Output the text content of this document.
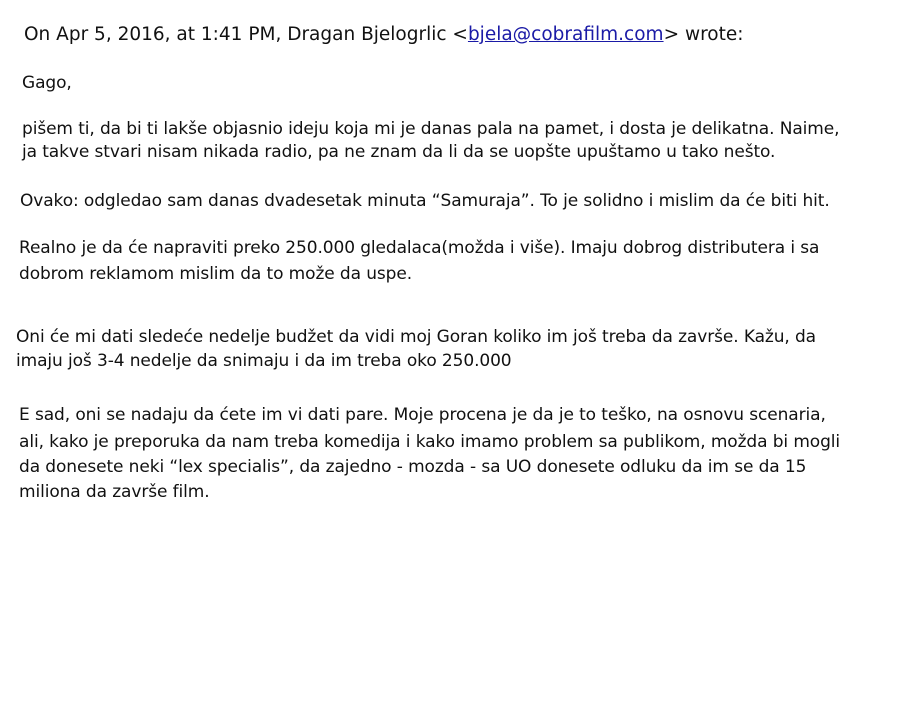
On Apr 5, 2016, at 1:41 PM, Dragan Bjelogrlic <bjela@cobrafilm.com> wrote:
Gago,
pišem ti, da bi ti lakše objasnio ideju koja mi je danas pala na pamet, i dosta je delikatna. Naime,
ja takve stvari nisam nikada radio, pa ne znam da li da se uopšte upuštamo u tako nešto.
Ovako: odgledao sam danas dvadesetak minuta “Samuraja”. To je solidno i mislim da će biti hit.
Realno je da će napraviti preko 250.000 gledalaca(možda i više). Imaju dobrog distributera i sa
dobrom reklamom mislim da to može da uspe.
Oni će mi dati sledeće nedelje budžet da vidi moj Goran koliko im još treba da završe. Kažu, da
imaju još 3-4 nedelje da snimaju i da im treba oko 250.000
E sad, oni se nadaju da ćete im vi dati pare. Moje procena je da je to teško, na osnovu scenaria,
ali, kako je preporuka da nam treba komedija i kako imamo problem sa publikom, možda bi mogli
da donesete neki “lex specialis”, da zajedno - mozda - sa UO donesete odluku da im se da 15
miliona da završe film.
